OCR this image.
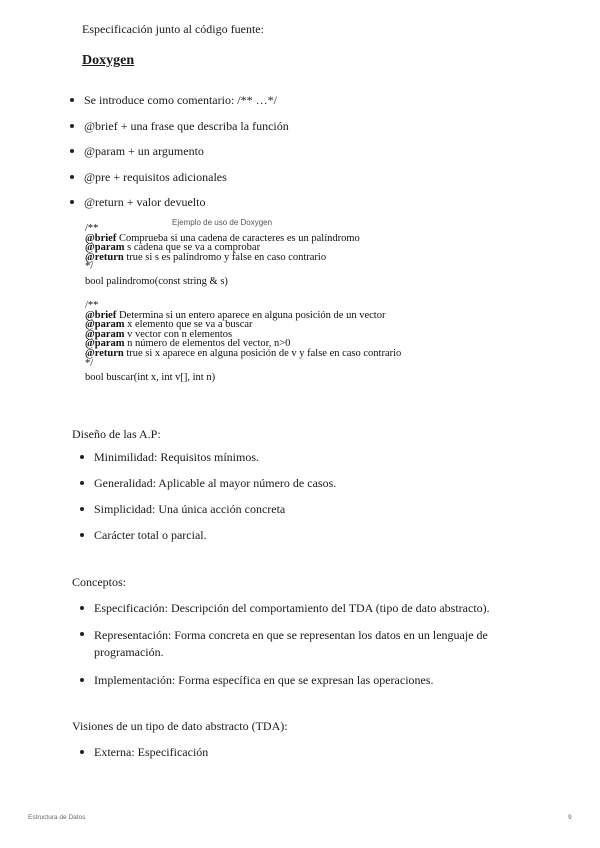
Especificación junto al código fuente:
Doxygen
Se introduce como comentario: /** …*/
@brief + una frase que describa la función
@param + un argumento
@pre + requisitos adicionales
@return + valor devuelto
Ejemplo de uso de Doxygen
/**
@brief Comprueba si una cadena de caracteres es un palíndromo
@param s cadena que se va a comprobar
@return true si s es palíndromo y false en caso contrario
*/
bool palindromo(const string & s)
/**
@brief Determina si un entero aparece en alguna posición de un vector
@param x elemento que se va a buscar
@param v vector con n elementos
@param n número de elementos del vector, n>0
@return true si x aparece en alguna posición de v y false en caso contrario
*/
bool buscar(int x, int v[], int n)
Diseño de las A.P:
Minimilidad: Requisitos mínimos.
Generalidad: Aplicable al mayor número de casos.
Simplicidad: Una única acción concreta
Carácter total o parcial.
Conceptos:
Especificación: Descripción del comportamiento del TDA (tipo de dato abstracto).
Representación: Forma concreta en que se representan los datos en un lenguaje de
programación.
Implementación: Forma específica en que se expresan las operaciones.
Visiones de un tipo de dato abstracto (TDA):
Externa: Especificación
Estructura de Datos	9
